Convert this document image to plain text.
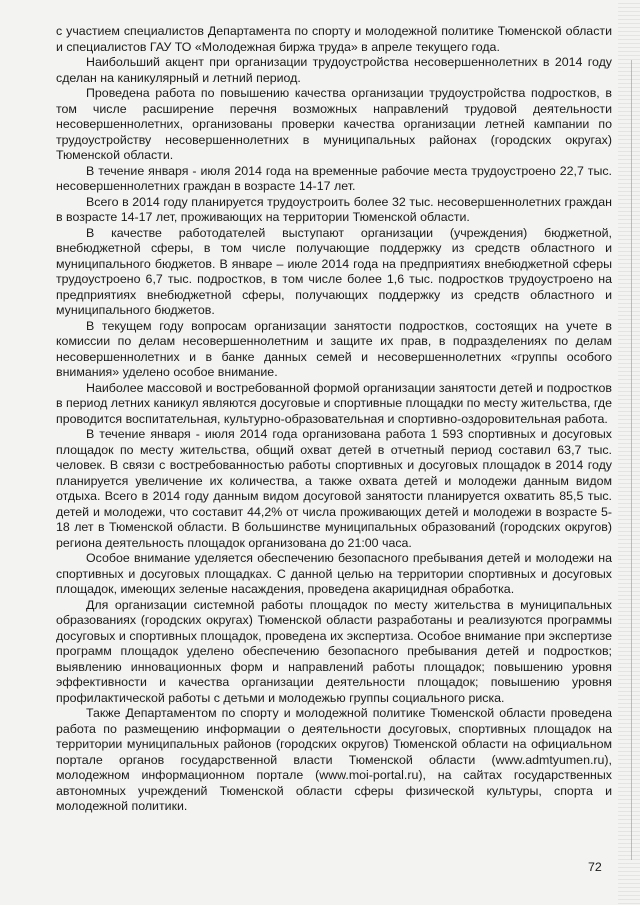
с участием специалистов Департамента по спорту и молодежной политике Тюменской области и специалистов ГАУ ТО «Молодежная биржа труда» в апреле текущего года.

Наибольший акцент при организации трудоустройства несовершеннолетних в 2014 году сделан на каникулярный и летний период.

Проведена работа по повышению качества организации трудоустройства подростков, в том числе расширение перечня возможных направлений трудовой деятельности несовершеннолетних, организованы проверки качества организации летней кампании по трудоустройству несовершеннолетних в муниципальных районах (городских округах) Тюменской области.

В течение января - июля 2014 года на временные рабочие места трудоустроено 22,7 тыс. несовершеннолетних граждан в возрасте 14-17 лет.

Всего в 2014 году планируется трудоустроить более 32 тыс. несовершеннолетних граждан в возрасте 14-17 лет, проживающих на территории Тюменской области.

В качестве работодателей выступают организации (учреждения) бюджетной, внебюджетной сферы, в том числе получающие поддержку из средств областного и муниципального бюджетов. В январе – июле 2014 года на предприятиях внебюджетной сферы трудоустроено 6,7 тыс. подростков, в том числе более 1,6 тыс. подростков трудоустроено на предприятиях внебюджетной сферы, получающих поддержку из средств областного и муниципального бюджетов.

В текущем году вопросам организации занятости подростков, состоящих на учете в комиссии по делам несовершеннолетним и защите их прав, в подразделениях по делам несовершеннолетних и в банке данных семей и несовершеннолетних «группы особого внимания» уделено особое внимание.

Наиболее массовой и востребованной формой организации занятости детей и подростков в период летних каникул являются досуговые и спортивные площадки по месту жительства, где проводится воспитательная, культурно-образовательная и спортивно-оздоровительная работа.

В течение января - июля 2014 года организована работа 1 593 спортивных и досуговых площадок по месту жительства, общий охват детей в отчетный период составил 63,7 тыс. человек. В связи с востребованностью работы спортивных и досуговых площадок в 2014 году планируется увеличение их количества, а также охвата детей и молодежи данным видом отдыха. Всего в 2014 году данным видом досуговой занятости планируется охватить 85,5 тыс. детей и молодежи, что составит 44,2% от числа проживающих детей и молодежи в возрасте 5-18 лет в Тюменской области. В большинстве муниципальных образований (городских округов) региона деятельность площадок организована до 21:00 часа.

Особое внимание уделяется обеспечению безопасного пребывания детей и молодежи на спортивных и досуговых площадках. С данной целью на территории спортивных и досуговых площадок, имеющих зеленые насаждения, проведена акарицидная обработка.

Для организации системной работы площадок по месту жительства в муниципальных образованиях (городских округах) Тюменской области разработаны и реализуются программы досуговых и спортивных площадок, проведена их экспертиза. Особое внимание при экспертизе программ площадок уделено обеспечению безопасного пребывания детей и подростков; выявлению инновационных форм и направлений работы площадок; повышению уровня эффективности и качества организации деятельности площадок; повышению уровня профилактической работы с детьми и молодежью группы социального риска.

Также Департаментом по спорту и молодежной политике Тюменской области проведена работа по размещению информации о деятельности досуговых, спортивных площадок на территории муниципальных районов (городских округов) Тюменской области на официальном портале органов государственной власти Тюменской области (www.admtyumen.ru), молодежном информационном портале (www.moi-portal.ru), на сайтах государственных автономных учреждений Тюменской области сферы физической культуры, спорта и молодежной политики.

72
